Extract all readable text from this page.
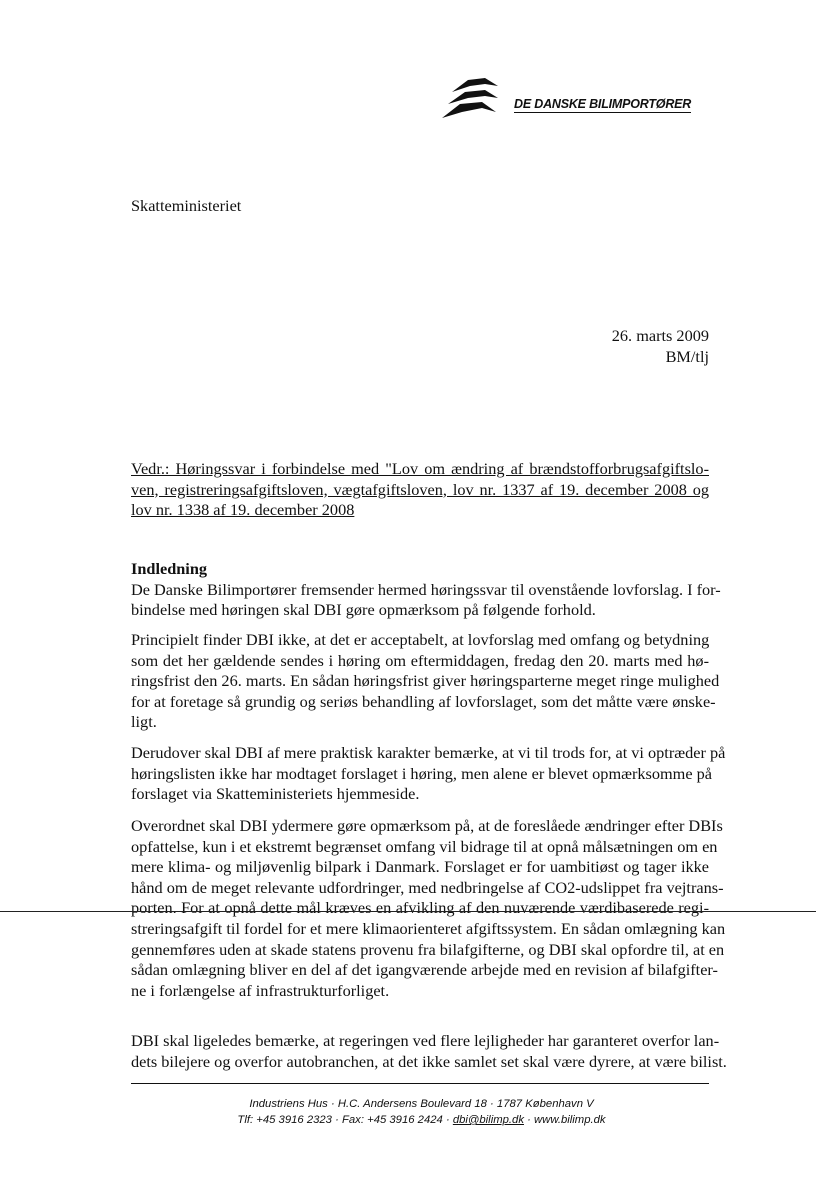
DE DANSKE BILIMPORTØRER
Skatteministeriet
26. marts 2009
BM/tlj
Vedr.: Høringssvar i forbindelse med "Lov om ændring af brændstofforbrugsafgiftslo-
ven, registreringsafgiftsloven, vægtafgiftsloven, lov nr. 1337 af 19. december 2008 og
lov nr. 1338 af 19. december 2008
Indledning
De Danske Bilimportører fremsender hermed høringssvar til ovenstående lovforslag. I for-
bindelse med høringen skal DBI gøre opmærksom på følgende forhold.
Principielt finder DBI ikke, at det er acceptabelt, at lovforslag med omfang og betydning
som det her gældende sendes i høring om eftermiddagen, fredag den 20. marts med hø-
ringsfrist den 26. marts. En sådan høringsfrist giver høringsparterne meget ringe mulighed
for at foretage så grundig og seriøs behandling af lovforslaget, som det måtte være ønske-
ligt.
Derudover skal DBI af mere praktisk karakter bemærke, at vi til trods for, at vi optræder på
høringslisten ikke har modtaget forslaget i høring, men alene er blevet opmærksomme på
forslaget via Skatteministeriets hjemmeside.
Overordnet skal DBI ydermere gøre opmærksom på, at de foreslåede ændringer efter DBIs
opfattelse, kun i et ekstremt begrænset omfang vil bidrage til at opnå målsætningen om en
mere klima- og miljøvenlig bilpark i Danmark. Forslaget er for uambitiøst og tager ikke
hånd om de meget relevante udfordringer, med nedbringelse af CO2-udslippet fra vejtrans-
porten. For at opnå dette mål kræves en afvikling af den nuværende værdibaserede regi-
streringsafgift til fordel for et mere klimaorienteret afgiftssystem. En sådan omlægning kan
gennemføres uden at skade statens provenu fra bilafgifterne, og DBI skal opfordre til, at en
sådan omlægning bliver en del af det igangværende arbejde med en revision af bilafgifter-
ne i forlængelse af infrastrukturforliget.
DBI skal ligeledes bemærke, at regeringen ved flere lejligheder har garanteret overfor lan-
dets bilejere og overfor autobranchen, at det ikke samlet set skal være dyrere, at være bilist.
Industriens Hus · H.C. Andersens Boulevard 18 · 1787 København V
Tlf: +45 3916 2323 · Fax: +45 3916 2424 · dbi@bilimp.dk · www.bilimp.dk
